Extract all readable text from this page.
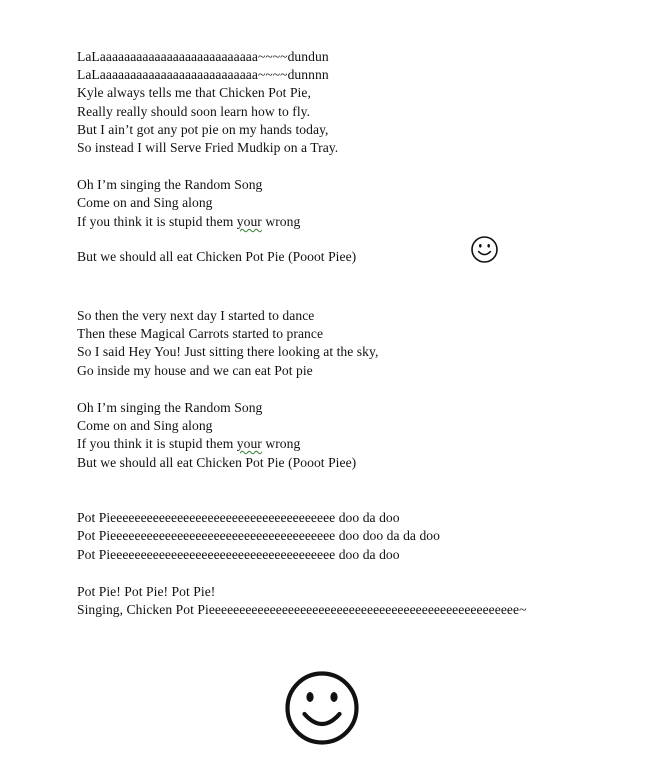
LaLaaaaaaaaaaaaaaaaaaaaaaaaaa~~~~dundun
LaLaaaaaaaaaaaaaaaaaaaaaaaaaa~~~~dunnnn
Kyle always tells me that Chicken Pot Pie,
Really really should soon learn how to fly.
But I ain’t got any pot pie on my hands today,
So instead I will Serve Fried Mudkip on a Tray.
Oh I’m singing the Random Song
Come on and Sing along
If you think it is stupid them your wrong
But we should all eat Chicken Pot Pie (Pooot Piee)
So then the very next day I started to dance
Then these Magical Carrots started to prance
So I said Hey You! Just sitting there looking at the sky,
Go inside my house and we can eat Pot pie
Oh I’m singing the Random Song
Come on and Sing along
If you think it is stupid them your wrong
But we should all eat Chicken Pot Pie (Pooot Piee)
Pot Pieeeeeeeeeeeeeeeeeeeeeeeeeeeeeeeeeeeee doo da doo
Pot Pieeeeeeeeeeeeeeeeeeeeeeeeeeeeeeeeeeeee doo doo da da doo
Pot Pieeeeeeeeeeeeeeeeeeeeeeeeeeeeeeeeeeeee doo da doo
Pot Pie! Pot Pie! Pot Pie!
Singing, Chicken Pot Pieeeeeeeeeeeeeeeeeeeeeeeeeeeeeeeeeeeeeeeeeeeeeeeeeee~
